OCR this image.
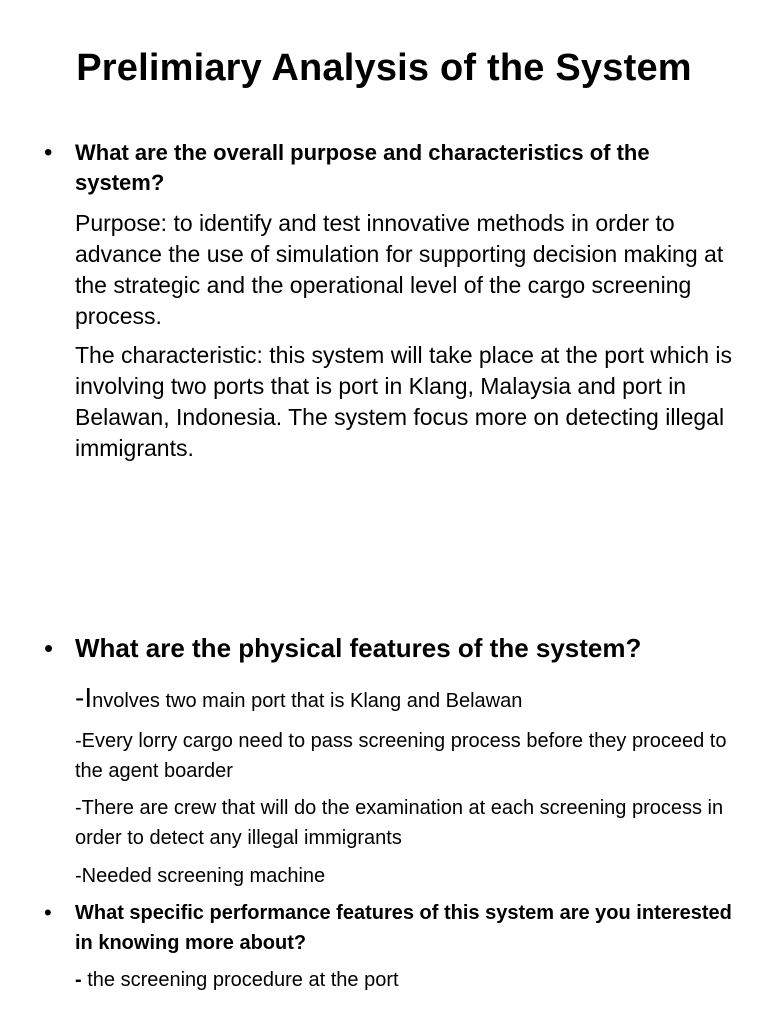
Prelimiary Analysis of the System
• What are the overall purpose and characteristics of the system?

Purpose: to identify and test innovative methods in order to advance the use of simulation for supporting decision making at the strategic and the operational level of the cargo screening process.

The characteristic: this system will take place at the port which is involving two ports that is port in Klang, Malaysia and port in Belawan, Indonesia. The system focus more on detecting illegal immigrants.

• What are the physical features of the system?

-Involves two main port that is Klang and Belawan

-Every lorry cargo need to pass screening process before they proceed to the agent boarder

-There are crew that will do the examination at each screening process in order to detect any illegal immigrants

-Needed screening machine

• What specific performance features of this system are you interested in knowing more about?

- the screening procedure at the port
